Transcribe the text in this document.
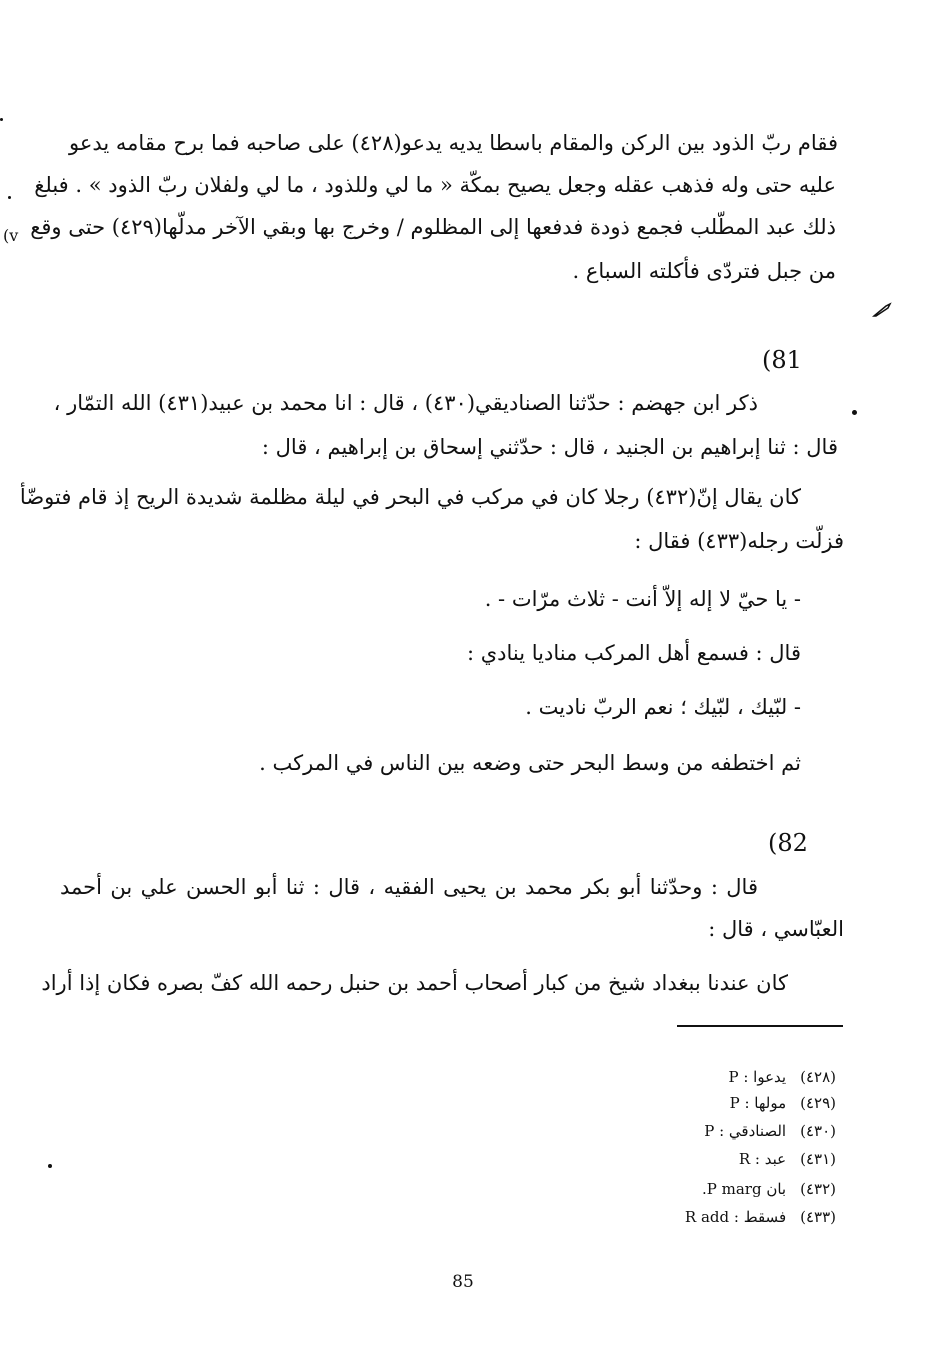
فقام ربّ الذود بين الركن والمقام باسطا يديه يدعو(٤٢٨) على صاحبه فما برح مقامه يدعو
عليه حتى وله فذهب عقله وجعل يصيح بمكّة « ما لي وللذود ، ما لي ولفلان ربّ الذود » . فبلغ
ذلك عبد المطّلب فجمع ذودة فدفعها إلى المظلوم / وخرج بها وبقي الآخر مدلّها(٤٢٩) حتى وقع
من جبل فتردّى فأكلته السباع .
(v
(81
ذكر ابن جهضم : حدّثنا الصناديقي(٤٣٠) ، قال : انا محمد بن عبيد(٤٣١) الله التمّار ،
قال : ثنا إبراهيم بن الجنيد ، قال : حدّثني إسحاق بن إبراهيم ، قال :
كان يقال إنّ(٤٣٢) رجلا كان في مركب في البحر في ليلة مظلمة شديدة الريح إذ قام فتوضّأ
فزلّت رجله(٤٣٣) فقال :
- يا حيّ لا إله إلاّ أنت - ثلاث مرّات - .
قال : فسمع أهل المركب مناديا ينادي :
- لبّيك ، لبّيك ؛ نعم الربّ ناديت .
ثم اختطفه من وسط البحر حتى وضعه بين الناس في المركب .
(82
قال : وحدّثنا أبو بكر محمد بن يحيى الفقيه ، قال : ثنا أبو الحسن علي بن أحمد
العبّاسي ، قال :
كان عندنا ببغداد شيخ من كبار أصحاب أحمد بن حنبل رحمه الله كفّ بصره فكان إذا أراد
(٤٢٨)يدعوا : P
(٤٢٩)مولها : P
(٤٣٠)الصنادقي : P
(٤٣١)عبد : R
(٤٣٢)بان P marg.
(٤٣٣)فسقط : R add
85
